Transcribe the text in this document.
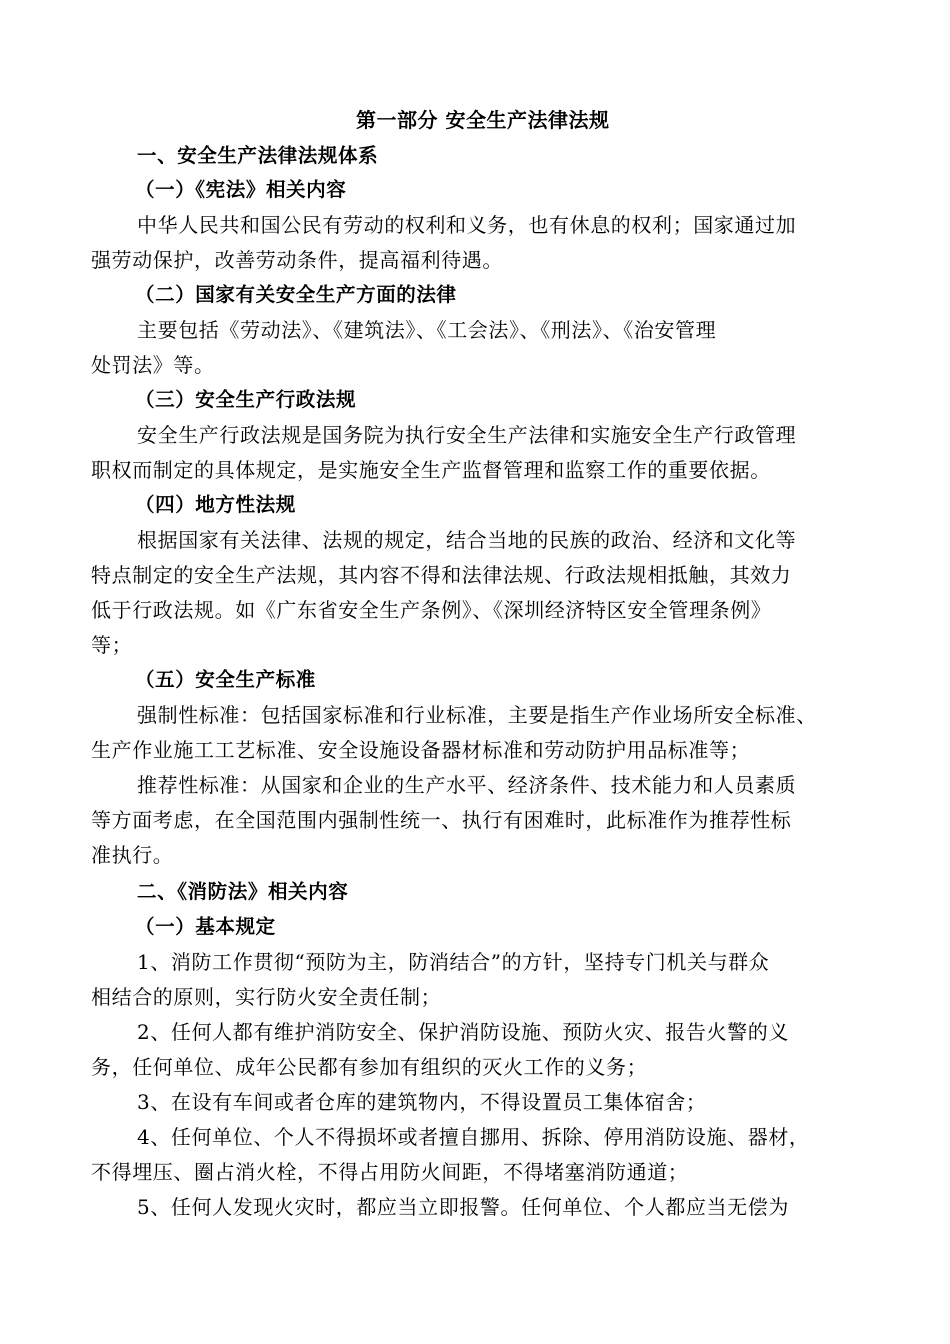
第一部分 安全生产法律法规
一、安全生产法律法规体系
（一）《宪法》相关内容
中华人民共和国公民有劳动的权利和义务，也有休息的权利；国家通过加
强劳动保护，改善劳动条件，提高福利待遇。
（二）国家有关安全生产方面的法律
主要包括《劳动法》、《建筑法》、《工会法》、《刑法》、《治安管理
处罚法》等。
（三）安全生产行政法规
安全生产行政法规是国务院为执行安全生产法律和实施安全生产行政管理
职权而制定的具体规定，是实施安全生产监督管理和监察工作的重要依据。
（四）地方性法规
根据国家有关法律、法规的规定，结合当地的民族的政治、经济和文化等
特点制定的安全生产法规，其内容不得和法律法规、行政法规相抵触，其效力
低于行政法规。如《广东省安全生产条例》、《深圳经济特区安全管理条例》
等；
（五）安全生产标准
强制性标准：包括国家标准和行业标准，主要是指生产作业场所安全标准、
生产作业施工工艺标准、安全设施设备器材标准和劳动防护用品标准等；
推荐性标准：从国家和企业的生产水平、经济条件、技术能力和人员素质
等方面考虑，在全国范围内强制性统一、执行有困难时，此标准作为推荐性标
准执行。
二、《消防法》相关内容
（一）基本规定
1、消防工作贯彻“预防为主，防消结合”的方针，坚持专门机关与群众
相结合的原则，实行防火安全责任制；
2、任何人都有维护消防安全、保护消防设施、预防火灾、报告火警的义
务，任何单位、成年公民都有参加有组织的灭火工作的义务；
3、在设有车间或者仓库的建筑物内，不得设置员工集体宿舍；
4、任何单位、个人不得损坏或者擅自挪用、拆除、停用消防设施、器材，
不得埋压、圈占消火栓，不得占用防火间距，不得堵塞消防通道；
5、任何人发现火灾时，都应当立即报警。任何单位、个人都应当无偿为
